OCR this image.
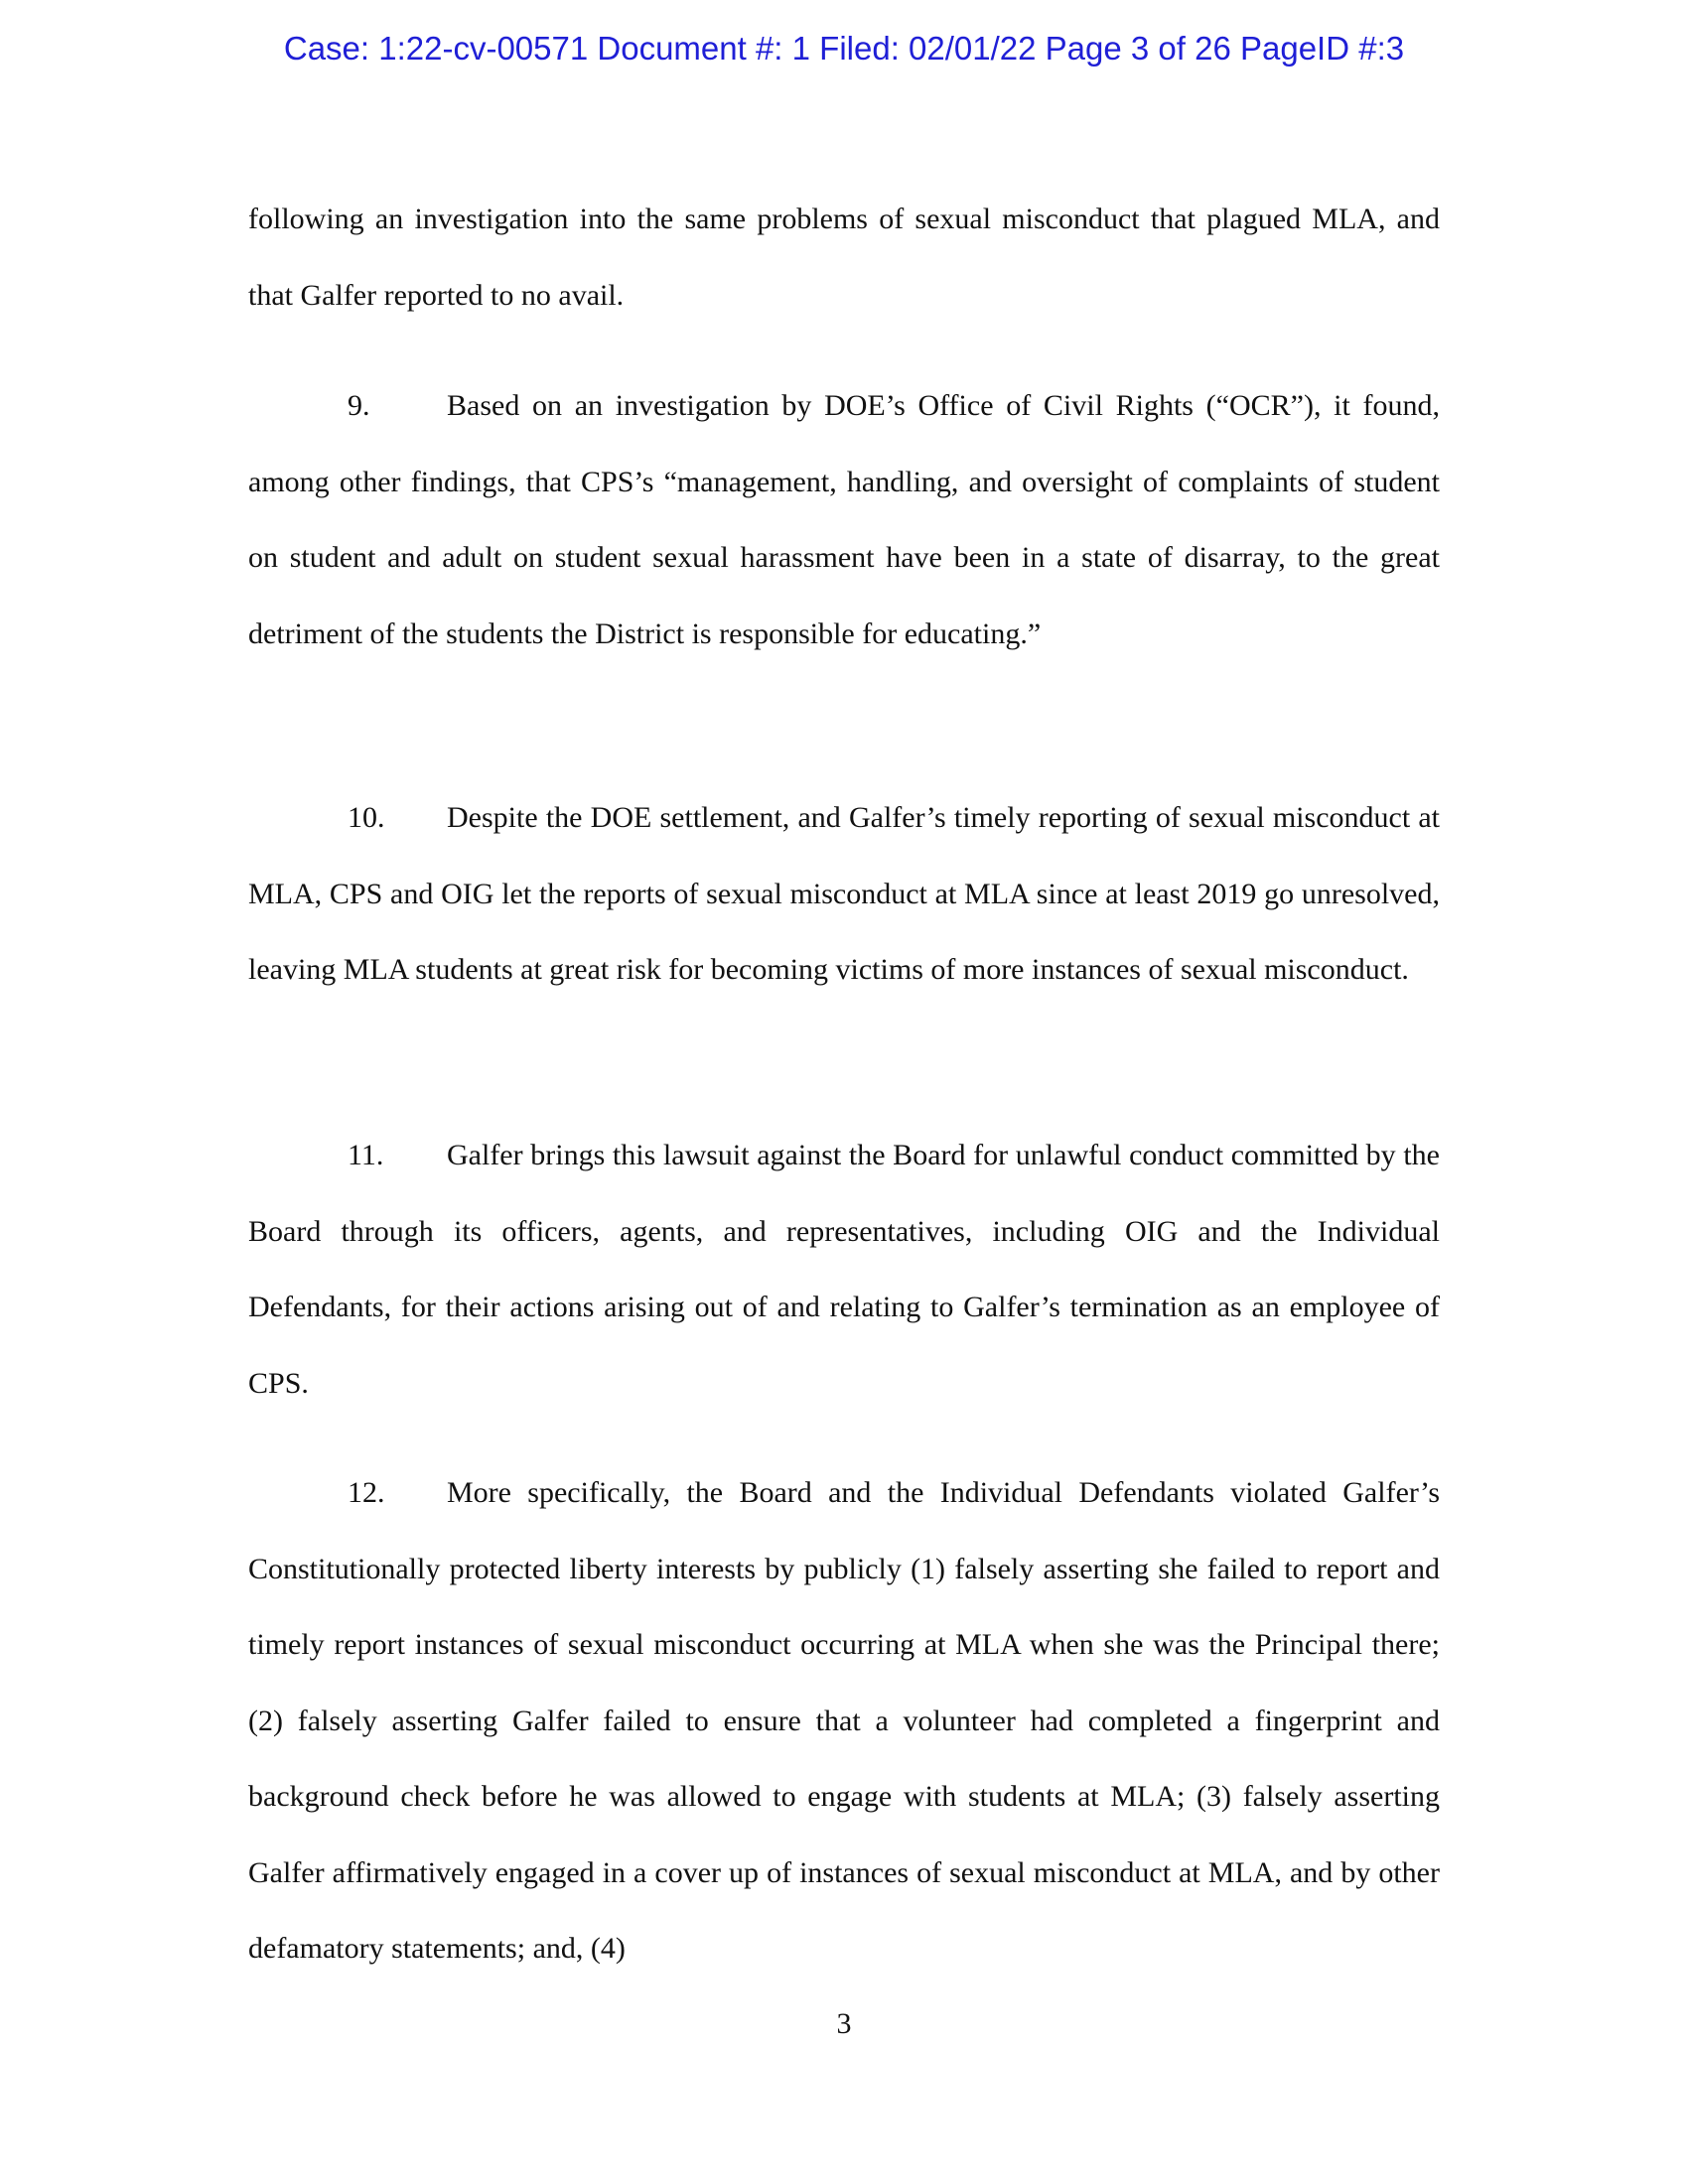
Case: 1:22-cv-00571 Document #: 1 Filed: 02/01/22 Page 3 of 26 PageID #:3

following an investigation into the same problems of sexual misconduct that plagued MLA, and that Galfer reported to no avail.

9.	Based on an investigation by DOE’s Office of Civil Rights (“OCR”), it found, among other findings, that CPS’s “management, handling, and oversight of complaints of student on student and adult on student sexual harassment have been in a state of disarray, to the great detriment of the students the District is responsible for educating.”

10. Despite the DOE settlement, and Galfer’s timely reporting of sexual misconduct at MLA, CPS and OIG let the reports of sexual misconduct at MLA since at least 2019 go unresolved, leaving MLA students at great risk for becoming victims of more instances of sexual misconduct.

11. Galfer brings this lawsuit against the Board for unlawful conduct committed by the Board through its officers, agents, and representatives, including OIG and the Individual Defendants, for their actions arising out of and relating to Galfer’s termination as an employee of CPS.

12. More specifically, the Board and the Individual Defendants violated Galfer’s Constitutionally protected liberty interests by publicly (1) falsely asserting she failed to report and timely report instances of sexual misconduct occurring at MLA when she was the Principal there; (2) falsely asserting Galfer failed to ensure that a volunteer had completed a fingerprint and background check before he was allowed to engage with students at MLA; (3) falsely asserting Galfer affirmatively engaged in a cover up of instances of sexual misconduct at MLA, and by other defamatory statements; and, (4)

3
